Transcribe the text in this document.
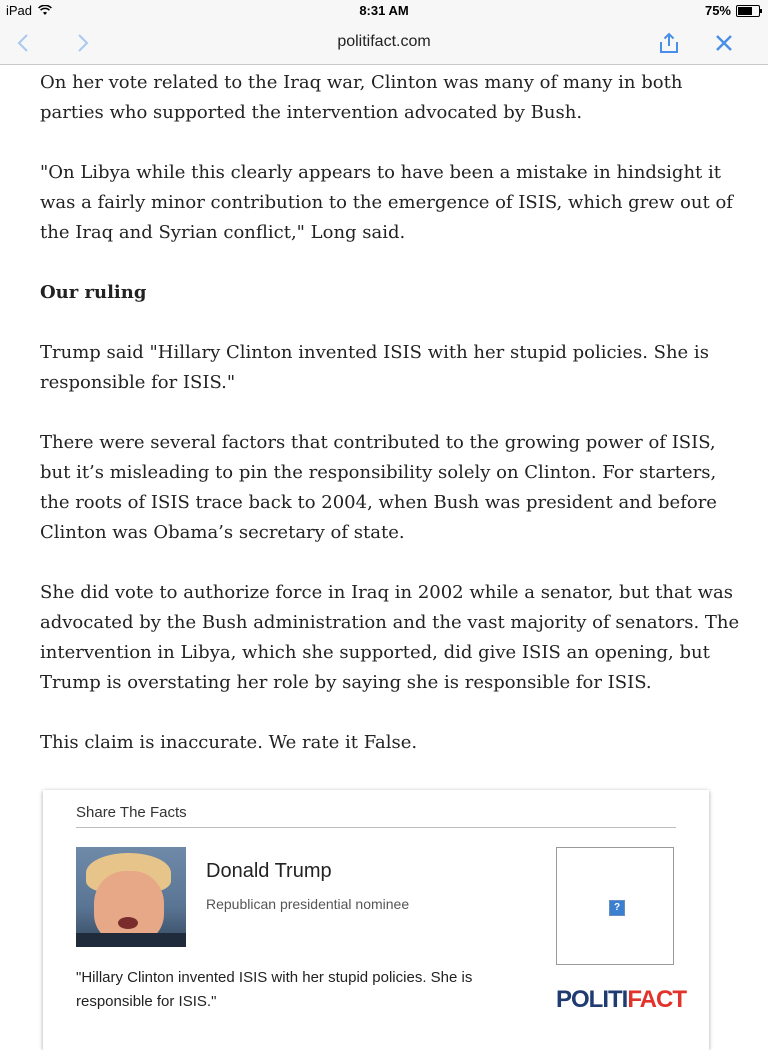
iPad	8:31 AM	75%
politifact.com

On her vote related to the Iraq war, Clinton was many of many in both parties who supported the intervention advocated by Bush.

"On Libya while this clearly appears to have been a mistake in hindsight it was a fairly minor contribution to the emergence of ISIS, which grew out of the Iraq and Syrian conflict," Long said.

Our ruling

Trump said "Hillary Clinton invented ISIS with her stupid policies. She is responsible for ISIS."

There were several factors that contributed to the growing power of ISIS, but it’s misleading to pin the responsibility solely on Clinton. For starters, the roots of ISIS trace back to 2004, when Bush was president and before Clinton was Obama’s secretary of state.

She did vote to authorize force in Iraq in 2002 while a senator, but that was advocated by the Bush administration and the vast majority of senators. The intervention in Libya, which she supported, did give ISIS an opening, but Trump is overstating her role by saying she is responsible for ISIS.

This claim is inaccurate. We rate it False.

Share The Facts
Donald Trump
Republican presidential nominee	?
"Hillary Clinton invented ISIS with her stupid policies. She is responsible for ISIS."	POLITIFACT
